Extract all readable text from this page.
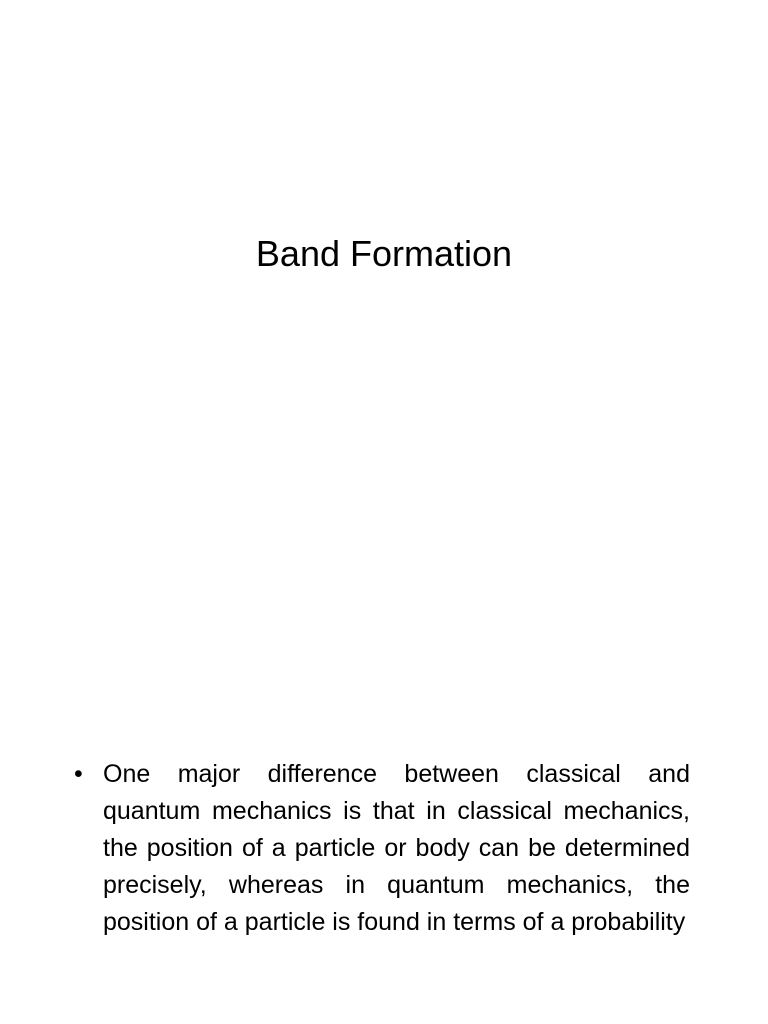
Band Formation
• One major difference between classical and quantum mechanics is that in classical mechanics, the position of a particle or body can be determined precisely, whereas in quantum mechanics, the position of a particle is found in terms of a probability
